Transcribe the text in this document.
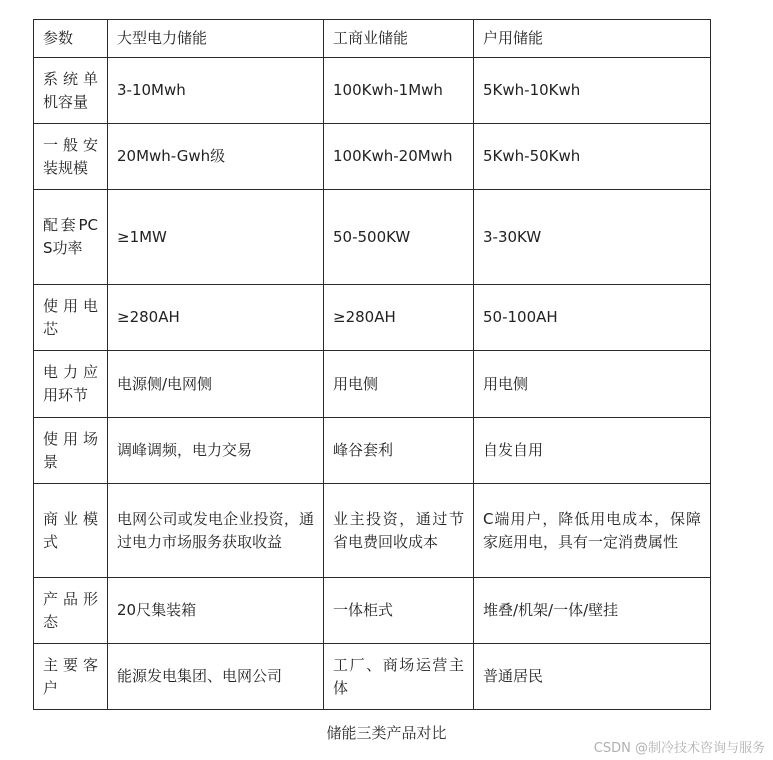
参数	大型电力储能	工商业储能	户用储能
系统单机容量	3-10Mwh	100Kwh-1Mwh	5Kwh-10Kwh
一般安装规模	20Mwh-Gwh级	100Kwh-20Mwh	5Kwh-50Kwh
配套PCS功率	≥1MW	50-500KW	3-30KW
使用电芯	≥280AH	≥280AH	50-100AH
电力应用环节	电源侧/电网侧	用电侧	用电侧
使用场景	调峰调频，电力交易	峰谷套利	自发自用
商业模式	电网公司或发电企业投资，通过电力市场服务获取收益	业主投资，通过节省电费回收成本	C端用户，降低用电成本，保障家庭用电，具有一定消费属性
产品形态	20尺集装箱	一体柜式	堆叠/机架/一体/壁挂
主要客户	能源发电集团、电网公司	工厂、商场运营主体	普通居民
储能三类产品对比
CSDN @制冷技术咨询与服务
